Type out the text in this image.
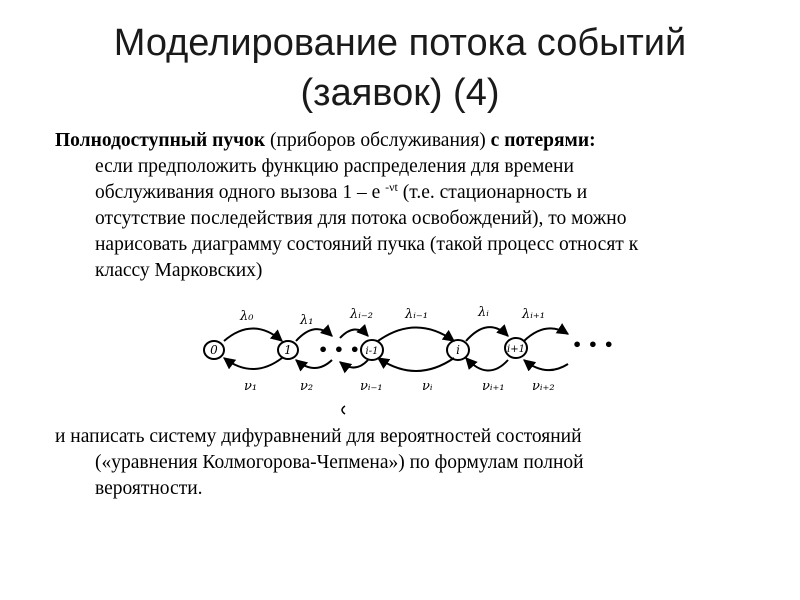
Моделирование потока событий
(заявок) (4)
Полнодоступный пучок (приборов обслуживания) с потерями:
если предположить функцию распределения для времени
обслуживания одного вызова 1 – e $^{-\nu t}$ (т.е. стационарность и
отсутствие последействия для потока освобождений), то можно
нарисовать диаграмму состояний пучка (такой процесс относят к
классу Марковских)
0	1	i-1	i	i+1
• • •	• • •
λ₀	λ₁	λᵢ₋₂ λᵢ₋₁	λᵢ	λᵢ₊₁
ν₁	ν₂	νᵢ₋₁	νᵢ	νᵢ₊₁ νᵢ₊₂
и написать систему дифуравнений для вероятностей состояний
(«уравнения Колмогорова-Чепмена») по формулам полной
вероятности.
